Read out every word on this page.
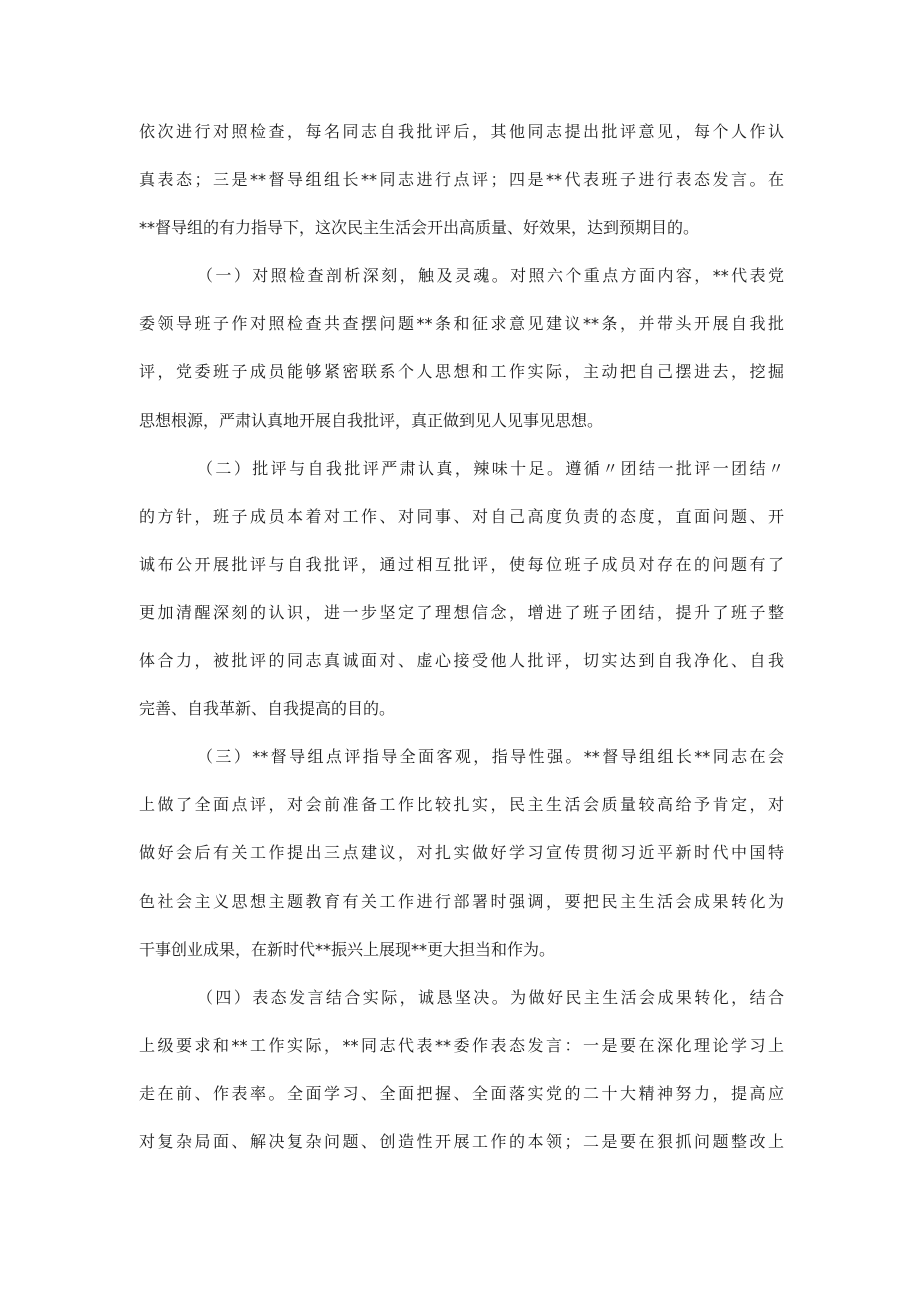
依次进行对照检查，每名同志自我批评后，其他同志提出批评意见，每个人作认
真表态；三是**督导组组长**同志进行点评；四是**代表班子进行表态发言。在
**督导组的有力指导下，这次民主生活会开出高质量、好效果，达到预期目的。
（一）对照检查剖析深刻，触及灵魂。对照六个重点方面内容，**代表党
委领导班子作对照检查共查摆问题**条和征求意见建议**条，并带头开展自我批
评，党委班子成员能够紧密联系个人思想和工作实际，主动把自己摆进去，挖掘
思想根源，严肃认真地开展自我批评，真正做到见人见事见思想。
（二）批评与自我批评严肃认真，辣味十足。遵循〃团结一批评一团结〃
的方针，班子成员本着对工作、对同事、对自己高度负责的态度，直面问题、开
诚布公开展批评与自我批评，通过相互批评，使每位班子成员对存在的问题有了
更加清醒深刻的认识，进一步坚定了理想信念，增进了班子团结，提升了班子整
体合力，被批评的同志真诚面对、虚心接受他人批评，切实达到自我净化、自我
完善、自我革新、自我提高的目的。
（三）**督导组点评指导全面客观，指导性强。**督导组组长**同志在会
上做了全面点评，对会前准备工作比较扎实，民主生活会质量较高给予肯定，对
做好会后有关工作提出三点建议，对扎实做好学习宣传贯彻习近平新时代中国特
色社会主义思想主题教育有关工作进行部署时强调，要把民主生活会成果转化为
干事创业成果，在新时代**振兴上展现**更大担当和作为。
（四）表态发言结合实际，诚恳坚决。为做好民主生活会成果转化，结合
上级要求和**工作实际，**同志代表**委作表态发言：一是要在深化理论学习上
走在前、作表率。全面学习、全面把握、全面落实党的二十大精神努力，提高应
对复杂局面、解决复杂问题、创造性开展工作的本领；二是要在狠抓问题整改上
